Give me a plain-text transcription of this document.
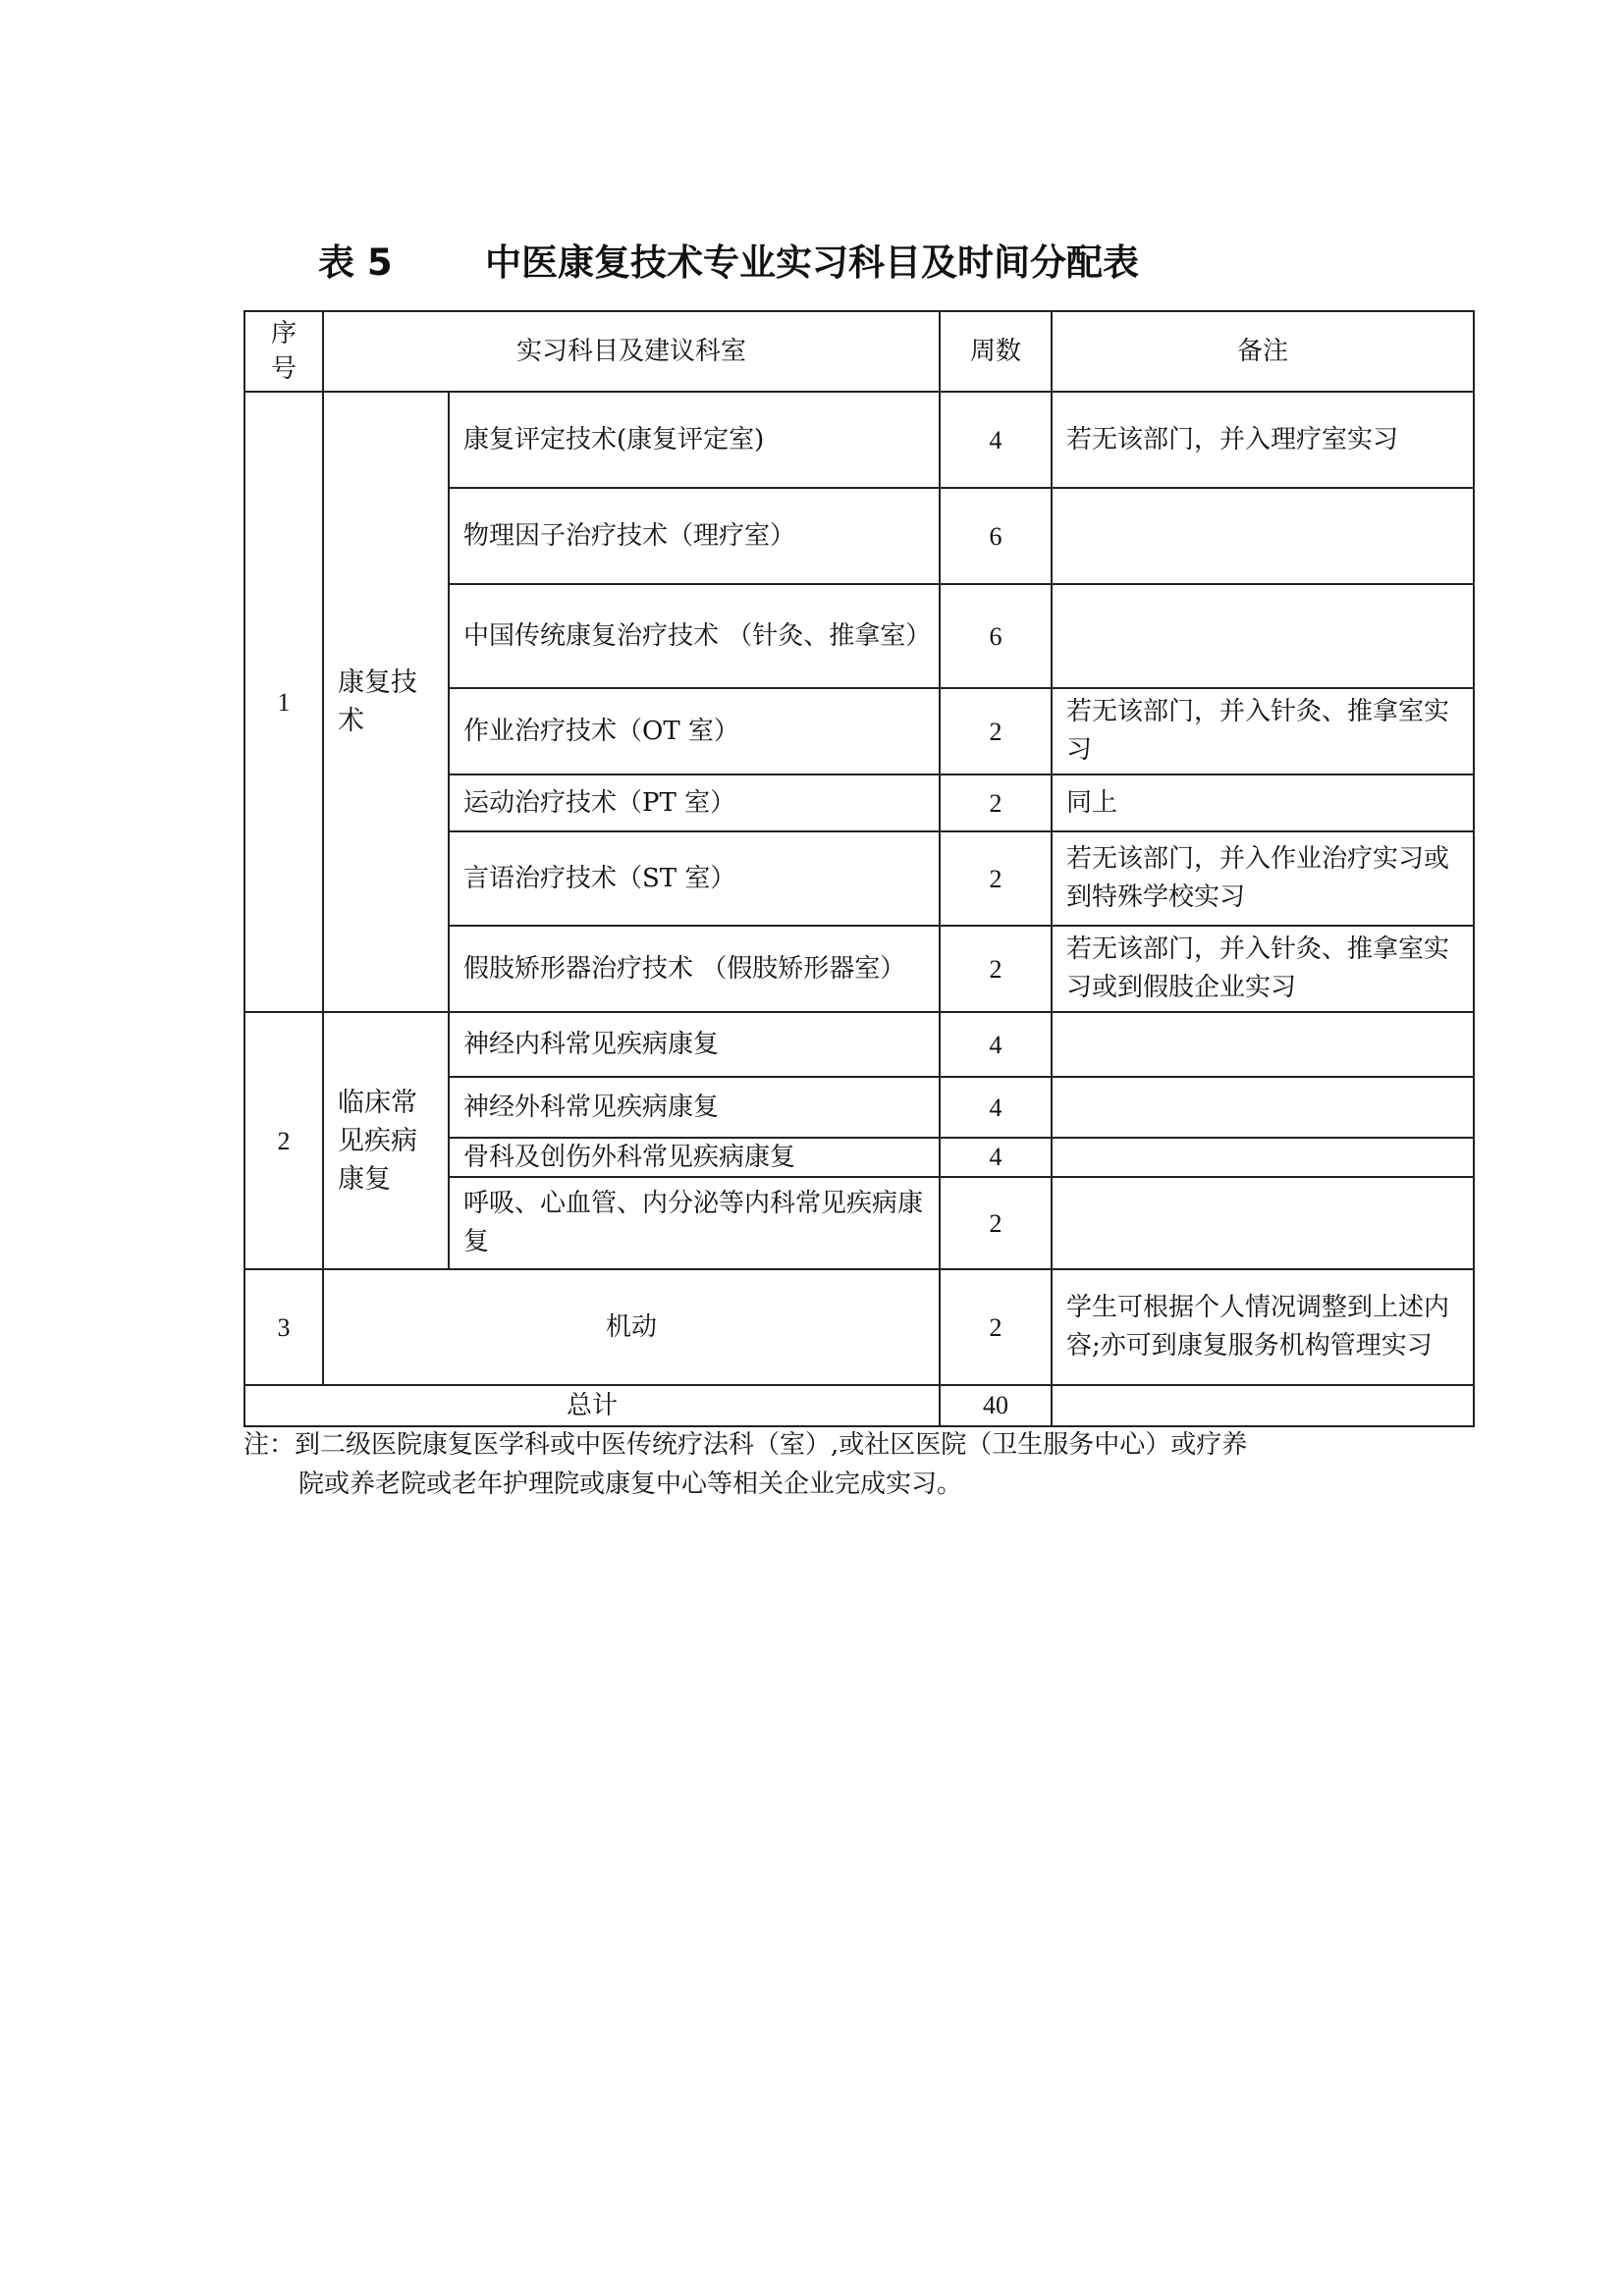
表 5	中医康复技术专业实习科目及时间分配表
序号	实习科目及建议科室		周数	备注
1	康复技术	康复评定技术(康复评定室)	4	若无该部门，并入理疗室实习
		物理因子治疗技术（理疗室）	6	
		中国传统康复治疗技术 （针灸、推拿室）	6	
		作业治疗技术（OT 室）	2	若无该部门，并入针灸、推拿室实习
		运动治疗技术（PT 室）	2	同上
		言语治疗技术（ST 室）	2	若无该部门，并入作业治疗实习或到特殊学校实习
		假肢矫形器治疗技术 （假肢矫形器室）	2	若无该部门，并入针灸、推拿室实习或到假肢企业实习
2	临床常见疾病康复	神经内科常见疾病康复	4	
		神经外科常见疾病康复	4	
		骨科及创伤外科常见疾病康复	4	
		呼吸、心血管、内分泌等内科常见疾病康复	2	
3	机动		2	学生可根据个人情况调整到上述内容;亦可到康复服务机构管理实习
总计			40	
注：到二级医院康复医学科或中医传统疗法科（室）,或社区医院（卫生服务中心）或疗养
院或养老院或老年护理院或康复中心等相关企业完成实习。
